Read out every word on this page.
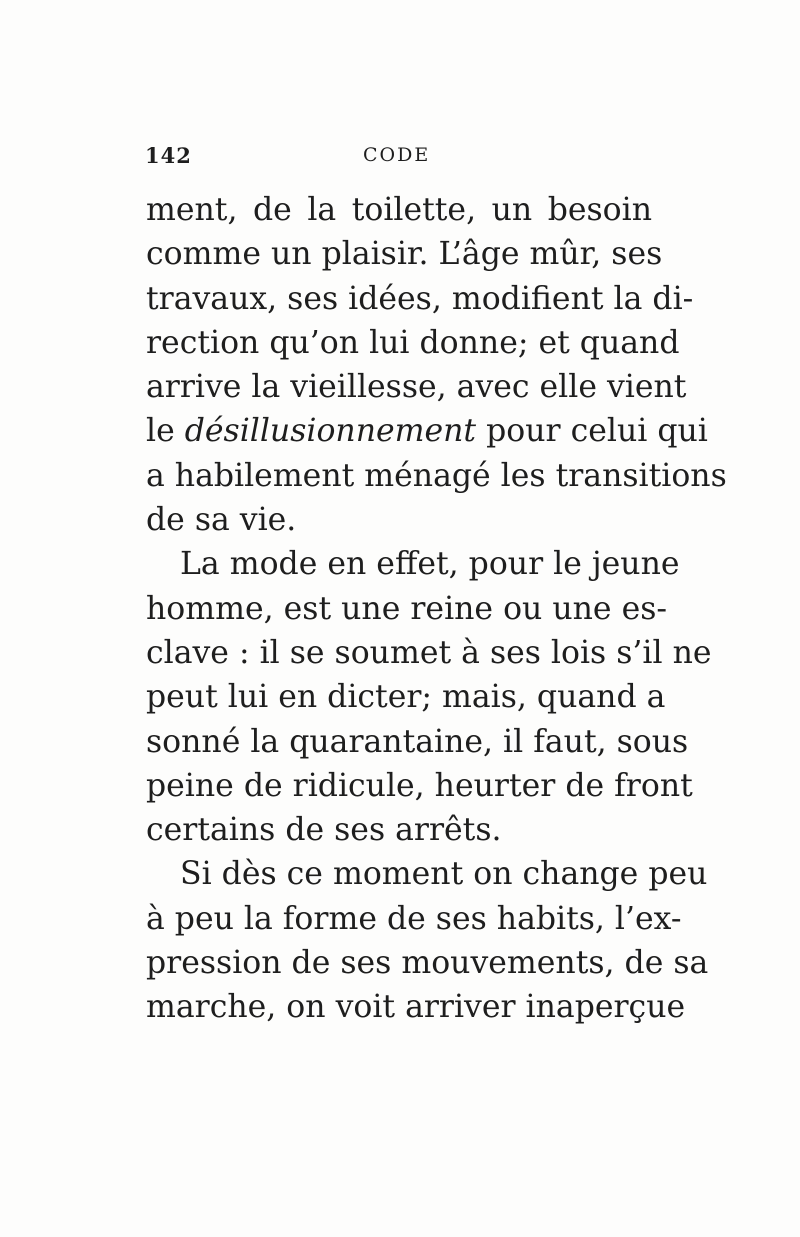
142	CODE
ment, de la toilette, un besoin
comme un plaisir. L’âge mûr, ses
travaux, ses idées, modifient la di-
rection qu’on lui donne; et quand
arrive la vieillesse, avec elle vient
le désillusionnement pour celui qui
a habilement ménagé les transitions
de sa vie.
La mode en effet, pour le jeune
homme, est une reine ou une es-
clave : il se soumet à ses lois s’il ne
peut lui en dicter; mais, quand a
sonné la quarantaine, il faut, sous
peine de ridicule, heurter de front
certains de ses arrêts.
Si dès ce moment on change peu
à peu la forme de ses habits, l’ex-
pression de ses mouvements, de sa
marche, on voit arriver inaperçue
